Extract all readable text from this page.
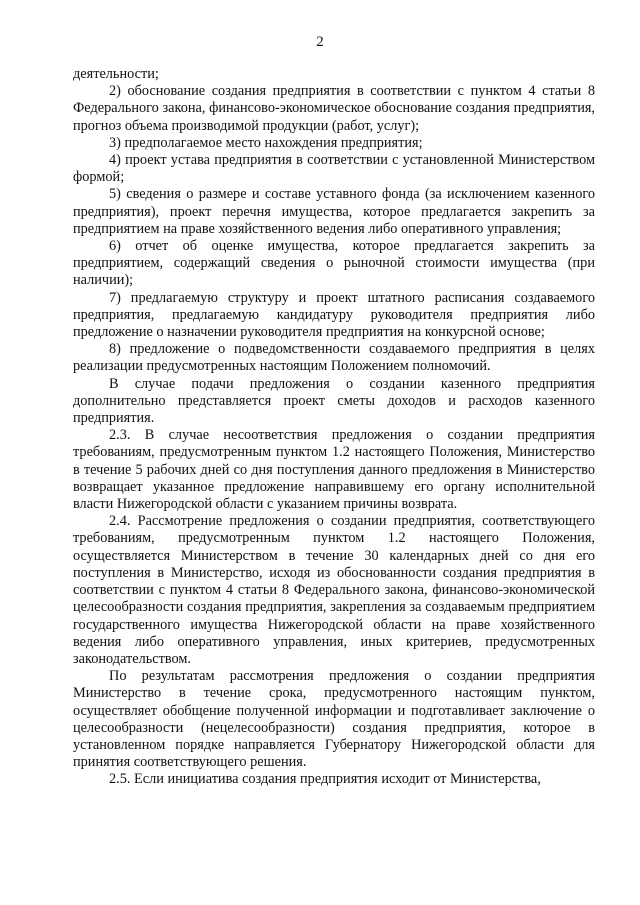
2

деятельности;

2) обоснование создания предприятия в соответствии с пунктом 4 статьи 8 Федерального закона, финансово-экономическое обоснование создания предприятия, прогноз объема производимой продукции (работ, услуг);

3) предполагаемое место нахождения предприятия;

4) проект устава предприятия в соответствии с установленной Министерством формой;

5) сведения о размере и составе уставного фонда (за исключением казенного предприятия), проект перечня имущества, которое предлагается закрепить за предприятием на праве хозяйственного ведения либо оперативного управления;

6) отчет об оценке имущества, которое предлагается закрепить за предприятием, содержащий сведения о рыночной стоимости имущества (при наличии);

7) предлагаемую структуру и проект штатного расписания создаваемого предприятия, предлагаемую кандидатуру руководителя предприятия либо предложение о назначении руководителя предприятия на конкурсной основе;

8) предложение о подведомственности создаваемого предприятия в целях реализации предусмотренных настоящим Положением полномочий.

В случае подачи предложения о создании казенного предприятия дополнительно представляется проект сметы доходов и расходов казенного предприятия.

2.3. В случае несоответствия предложения о создании предприятия требованиям, предусмотренным пунктом 1.2 настоящего Положения, Министерство в течение 5 рабочих дней со дня поступления данного предложения в Министерство возвращает указанное предложение направившему его органу исполнительной власти Нижегородской области с указанием причины возврата.

2.4. Рассмотрение предложения о создании предприятия, соответствующего требованиям, предусмотренным пунктом 1.2 настоящего Положения, осуществляется Министерством в течение 30 календарных дней со дня его поступления в Министерство, исходя из обоснованности создания предприятия в соответствии с пунктом 4 статьи 8 Федерального закона, финансово-экономической целесообразности создания предприятия, закрепления за создаваемым предприятием государственного имущества Нижегородской области на праве хозяйственного ведения либо оперативного управления, иных критериев, предусмотренных законодательством.

По результатам рассмотрения предложения о создании предприятия Министерство в течение срока, предусмотренного настоящим пунктом, осуществляет обобщение полученной информации и подготавливает заключение о целесообразности (нецелесообразности) создания предприятия, которое в установленном порядке направляется Губернатору Нижегородской области для принятия соответствующего решения.

2.5. Если инициатива создания предприятия исходит от Министерства,
